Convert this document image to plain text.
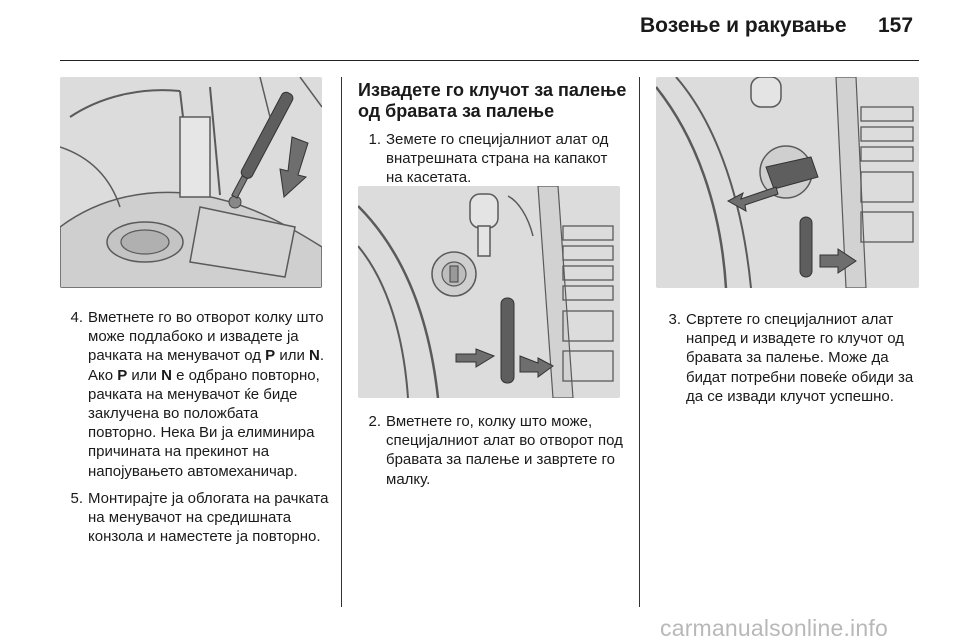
Возење и ракување 157
4. Вметнете го во отворот колку што може подлабоко и извадете ја рачката на менувачот од P или N. Ако P или N е одбрано повторно, рачката на менувачот ќе биде заклучена во положбата повторно. Нека Ви ја елиминира причината на прекинот на напојувањето автомеханичар.
5. Монтирајте ја облогата на рачката на менувачот на средишната конзола и наместете ја повторно.
Извадете го клучот за палење од бравата за палење
1. Земете го специјалниот алат од внатрешната страна на капакот на касетата.
2. Вметнете го, колку што може, специјалниот алат во отворот под бравата за палење и завртете го малку.
3. Свртете го специјалниот алат напред и извадете го клучот од бравата за палење. Може да бидат потребни повеќе обиди за да се извади клучот успешно.
carmanualsonline.info
